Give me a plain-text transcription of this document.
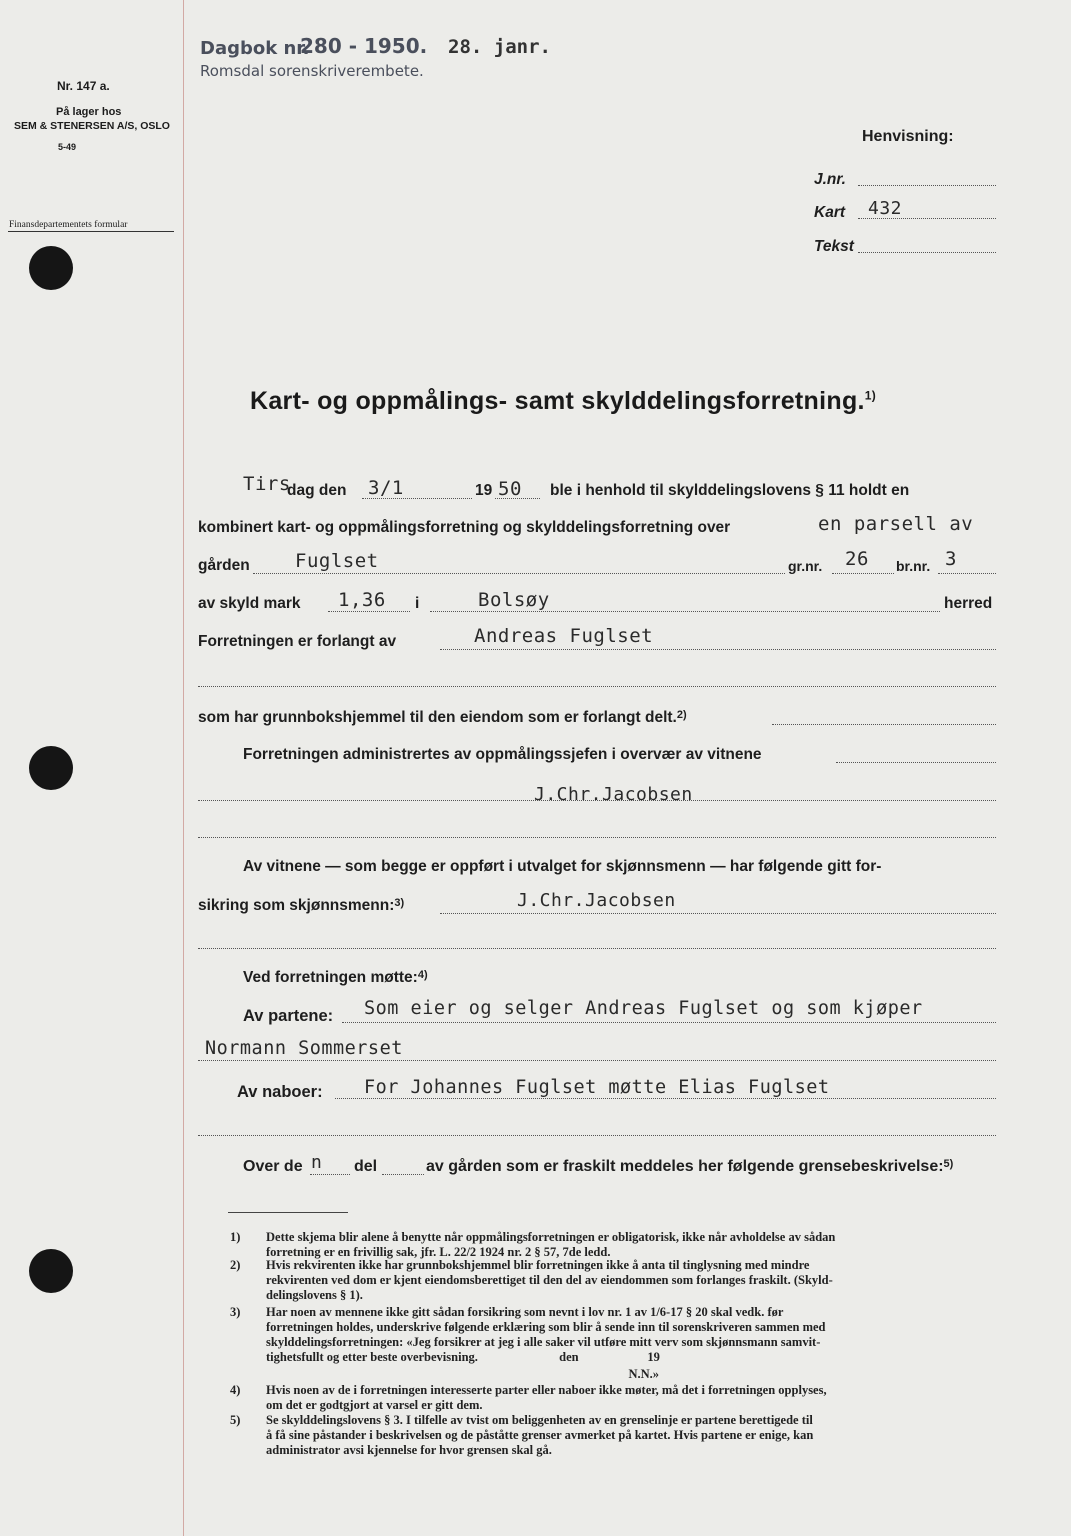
Nr. 147 a.
På lager hos
SEM & STENERSEN A/S, OSLO
5-49
Finansdepartementets formular
Dagbok nr.
280 - 1950. 28. janr.
Romsdal sorenskriverembete.
Henvisning:
J.nr.
Kart 432
Tekst
Kart- og oppmålings- samt skylddelingsforretning.$^{1)}$
Tirs
dag den 3/1	19 50 ble i henhold til skylddelingslovens § 11 holdt en
kombinert kart- og oppmålingsforretning og skylddelingsforretning over	en parsell av
gården Fuglset	gr.nr. 26 br.nr. 3
av skyld mark 1,36 i	Bolsøy	herred
Forretningen er forlangt av	Andreas Fuglset
som har grunnbokshjemmel til den eiendom som er forlangt delt.$^{2)}$
Forretningen administrertes av oppmålingssjefen i overvær av vitnene
J.Chr.Jacobsen
Av vitnene — som begge er oppført i utvalget for skjønnsmenn — har følgende gitt for-
sikring som skjønnsmenn:$^{3)}$	J.Chr.Jacobsen
Ved forretningen møtte:$^{4)}$
Av partene: Som eier og selger Andreas Fuglset og som kjøper
Normann Sommerset
Av naboer: For Johannes Fuglset møtte Elias Fuglset
Over de n del	av gården som er fraskilt meddeles her følgende grensebeskrivelse:$^{5)}$
1) Dette skjema blir alene å benytte når oppmålingsforretningen er obligatorisk, ikke når avholdelse av sådan
forretning er en frivillig sak, jfr. L. 22/2 1924 nr. 2 § 57, 7de ledd.
2) Hvis rekvirenten ikke har grunnbokshjemmel blir forretningen ikke å anta til tinglysning med mindre
rekvirenten ved dom er kjent eiendomsberettiget til den del av eiendommen som forlanges fraskilt. (Skyld-
delingslovens § 1).
3) Har noen av mennene ikke gitt sådan forsikring som nevnt i lov nr. 1 av 1/6-17 § 20 skal vedk. før
forretningen holdes, underskrive følgende erklæring som blir å sende inn til sorenskriveren sammen med
skylddelingsforretningen: «Jeg forsikrer at jeg i alle saker vil utføre mitt verv som skjønnsmann samvit-
tighetsfullt og etter beste overbevisning.                          den                      19
N.N.»
4) Hvis noen av de i forretningen interesserte parter eller naboer ikke møter, må det i forretningen opplyses,
om det er godtgjort at varsel er gitt dem.
5) Se skylddelingslovens § 3. I tilfelle av tvist om beliggenheten av en grenselinje er partene berettigede til
å få sine påstander i beskrivelsen og de påståtte grenser avmerket på kartet. Hvis partene er enige, kan
administrator avsi kjennelse for hvor grensen skal gå.
